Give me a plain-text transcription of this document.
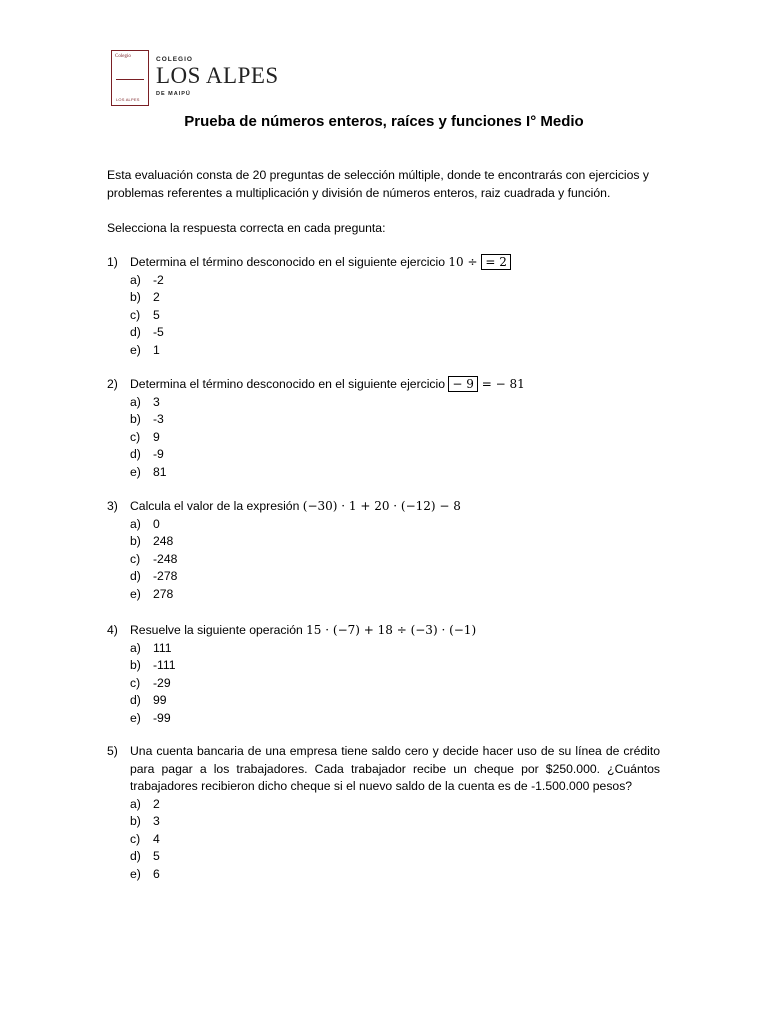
Colegio
LOS ALPES
COLEGIO
LOS ALPES
DE MAIPÚ
Prueba de números enteros, raíces y funciones I° Medio
Esta evaluación consta de 20 preguntas de selección múltiple, donde te encontrarás con ejercicios y problemas referentes a multiplicación y división de números enteros, raiz cuadrada y función.
Selecciona la respuesta correcta en cada pregunta:
1) Determina el término desconocido en el siguiente ejercicio 10 ÷ = 2
a) -2
b) 2
c)	5
d) -5
e) 1
2) Determina el término desconocido en el siguiente ejercicio − 9 = − 81
a) 3
b) -3
c)	9
d) -9
e) 81
3) Calcula el valor de la expresión (−30) · 1 + 20 · (−12) − 8
a) 0
b) 248
c)	-248
d) -278
e) 278
4) Resuelve la siguiente operación 15 · (−7) + 18 ÷ (−3) · (−1)
a) 111
b) -111
c)	-29
d) 99
e) -99
5) Una cuenta bancaria de una empresa tiene saldo cero y decide hacer uso de su línea de crédito para pagar a los trabajadores. Cada trabajador recibe un cheque por $250.000. ¿Cuántos trabajadores recibieron dicho cheque si el nuevo saldo de la cuenta es de -1.500.000 pesos?
a) 2
b) 3
c)	4
d) 5
e) 6
